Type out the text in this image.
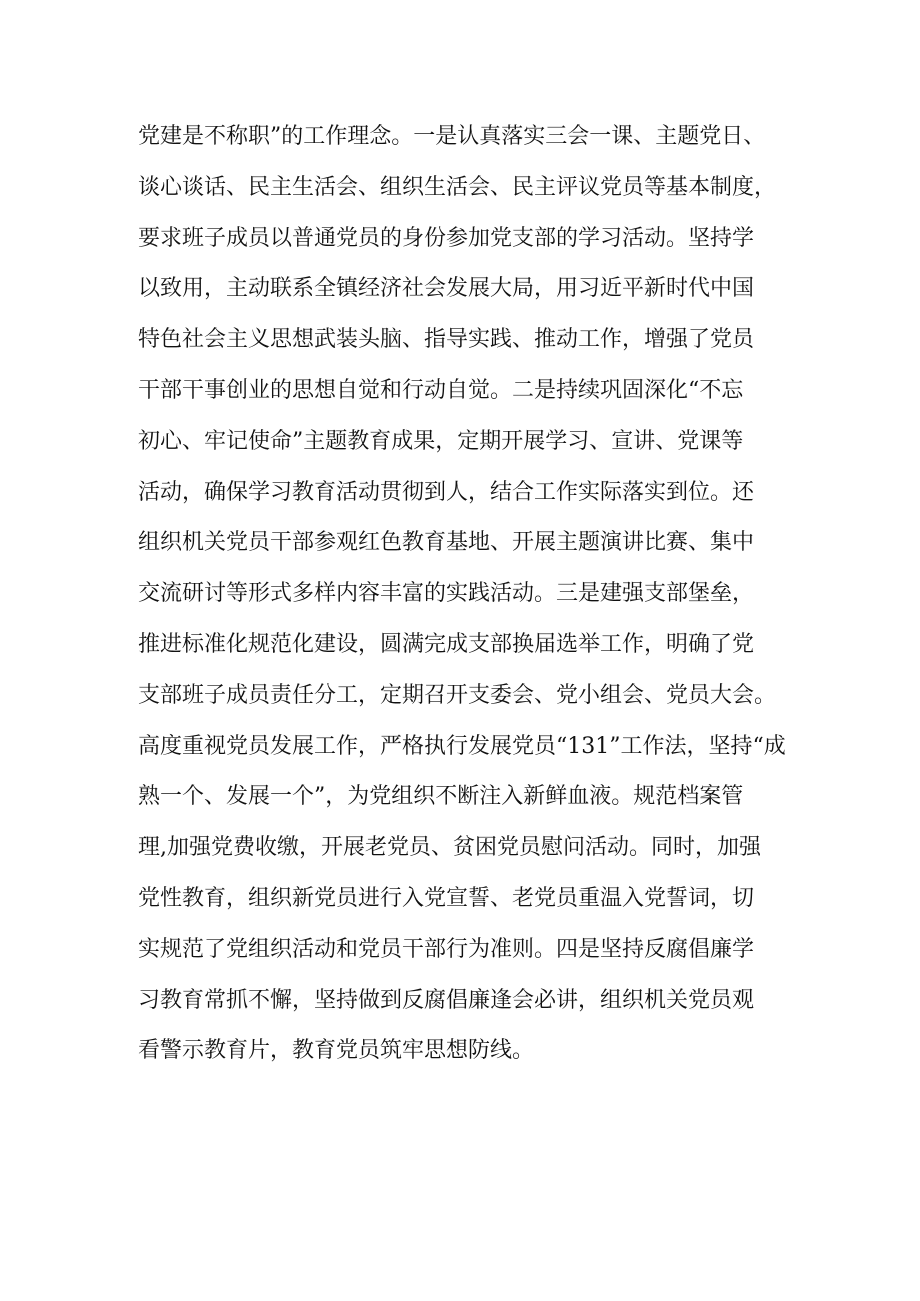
党建是不称职”的工作理念。一是认真落实三会一课、主题党日、
谈心谈话、民主生活会、组织生活会、民主评议党员等基本制度，
要求班子成员以普通党员的身份参加党支部的学习活动。坚持学
以致用，主动联系全镇经济社会发展大局，用习近平新时代中国
特色社会主义思想武装头脑、指导实践、推动工作，增强了党员
干部干事创业的思想自觉和行动自觉。二是持续巩固深化“不忘
初心、牢记使命”主题教育成果，定期开展学习、宣讲、党课等
活动，确保学习教育活动贯彻到人，结合工作实际落实到位。还
组织机关党员干部参观红色教育基地、开展主题演讲比赛、集中
交流研讨等形式多样内容丰富的实践活动。三是建强支部堡垒，
推进标准化规范化建设，圆满完成支部换届选举工作，明确了党
支部班子成员责任分工，定期召开支委会、党小组会、党员大会。
高度重视党员发展工作，严格执行发展党员“131”工作法，坚持“成
熟一个、发展一个”，为党组织不断注入新鲜血液。规范档案管
理,加强党费收缴，开展老党员、贫困党员慰问活动。同时，加强
党性教育，组织新党员进行入党宣誓、老党员重温入党誓词，切
实规范了党组织活动和党员干部行为准则。四是坚持反腐倡廉学
习教育常抓不懈，坚持做到反腐倡廉逢会必讲，组织机关党员观
看警示教育片，教育党员筑牢思想防线。
